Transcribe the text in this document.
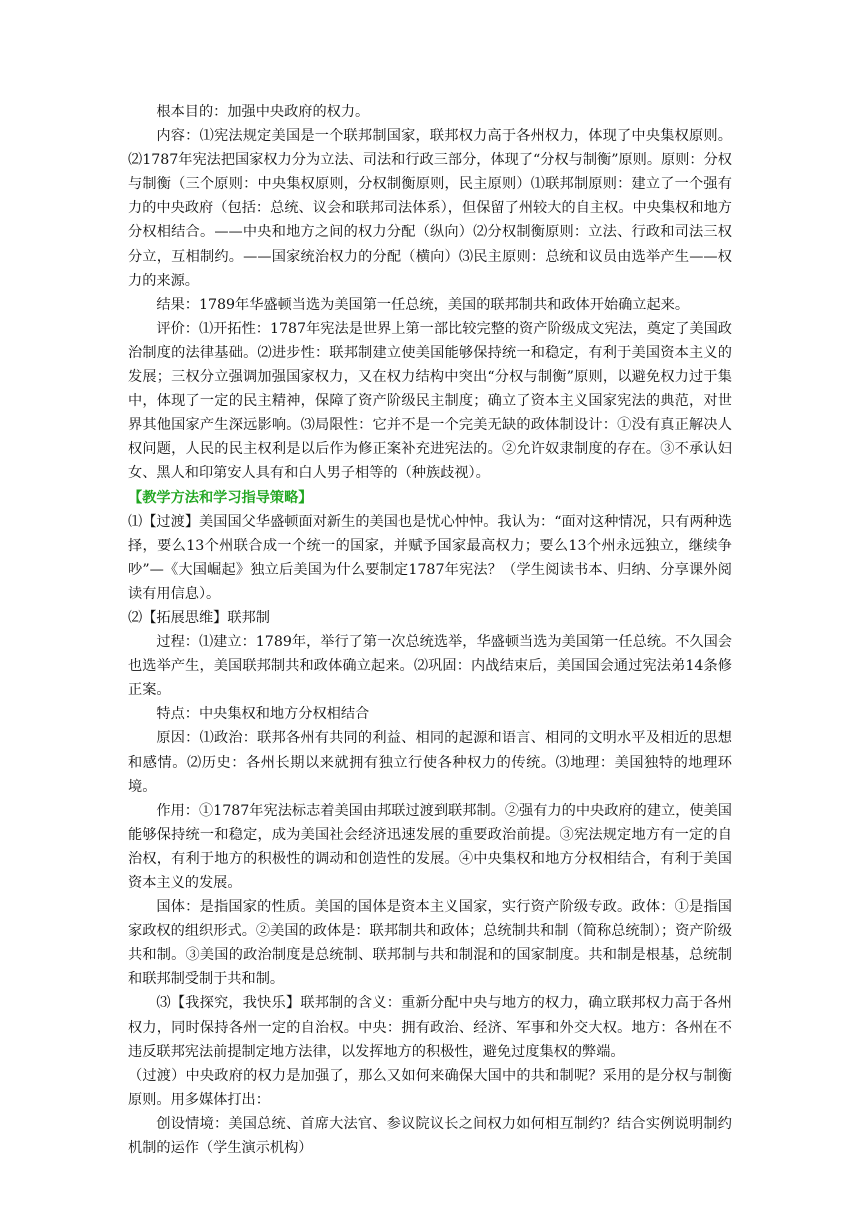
根本目的：加强中央政府的权力。

内容：⑴宪法规定美国是一个联邦制国家，联邦权力高于各州权力，体现了中央集权原则。⑵1787年宪法把国家权力分为立法、司法和行政三部分，体现了“分权与制衡”原则。原则：分权与制衡（三个原则：中央集权原则，分权制衡原则，民主原则）⑴联邦制原则：建立了一个强有力的中央政府（包括：总统、议会和联邦司法体系），但保留了州较大的自主权。中央集权和地方分权相结合。——中央和地方之间的权力分配（纵向）⑵分权制衡原则：立法、行政和司法三权分立，互相制约。——国家统治权力的分配（横向）⑶民主原则：总统和议员由选举产生——权力的来源。

结果：1789年华盛顿当选为美国第一任总统，美国的联邦制共和政体开始确立起来。

评价：⑴开拓性：1787年宪法是世界上第一部比较完整的资产阶级成文宪法，奠定了美国政治制度的法律基础。⑵进步性：联邦制建立使美国能够保持统一和稳定，有利于美国资本主义的发展；三权分立强调加强国家权力，又在权力结构中突出“分权与制衡”原则，以避免权力过于集中，体现了一定的民主精神，保障了资产阶级民主制度；确立了资本主义国家宪法的典范，对世界其他国家产生深远影响。⑶局限性：它并不是一个完美无缺的政体制设计：①没有真正解决人权问题，人民的民主权利是以后作为修正案补充进宪法的。②允许奴隶制度的存在。③不承认妇女、黑人和印第安人具有和白人男子相等的（种族歧视）。

【教学方法和学习指导策略】

⑴【过渡】美国国父华盛顿面对新生的美国也是忧心忡忡。我认为：“面对这种情况，只有两种选择，要么13个州联合成一个统一的国家，并赋予国家最高权力；要么13个州永远独立，继续争吵”—《大国崛起》独立后美国为什么要制定1787年宪法？（学生阅读书本、归纳、分享课外阅读有用信息）。

⑵【拓展思维】联邦制

过程：⑴建立：1789年，举行了第一次总统选举，华盛顿当选为美国第一任总统。不久国会也选举产生，美国联邦制共和政体确立起来。⑵巩固：内战结束后，美国国会通过宪法弟14条修正案。

特点：中央集权和地方分权相结合

原因：⑴政治：联邦各州有共同的利益、相同的起源和语言、相同的文明水平及相近的思想和感情。⑵历史：各州长期以来就拥有独立行使各种权力的传统。⑶地理：美国独特的地理环境。

作用：①1787年宪法标志着美国由邦联过渡到联邦制。②强有力的中央政府的建立，使美国能够保持统一和稳定，成为美国社会经济迅速发展的重要政治前提。③宪法规定地方有一定的自治权，有利于地方的积极性的调动和创造性的发展。④中央集权和地方分权相结合，有利于美国资本主义的发展。

国体：是指国家的性质。美国的国体是资本主义国家，实行资产阶级专政。政体：①是指国家政权的组织形式。②美国的政体是：联邦制共和政体；总统制共和制（简称总统制）；资产阶级共和制。③美国的政治制度是总统制、联邦制与共和制混和的国家制度。共和制是根基，总统制和联邦制受制于共和制。

⑶【我探究，我快乐】联邦制的含义：重新分配中央与地方的权力，确立联邦权力高于各州权力，同时保持各州一定的自治权。中央：拥有政治、经济、军事和外交大权。地方：各州在不违反联邦宪法前提制定地方法律，以发挥地方的积极性，避免过度集权的弊端。

（过渡）中央政府的权力是加强了，那么又如何来确保大国中的共和制呢？采用的是分权与制衡原则。用多媒体打出：

创设情境：美国总统、首席大法官、参议院议长之间权力如何相互制约？结合实例说明制约机制的运作（学生演示机构）
